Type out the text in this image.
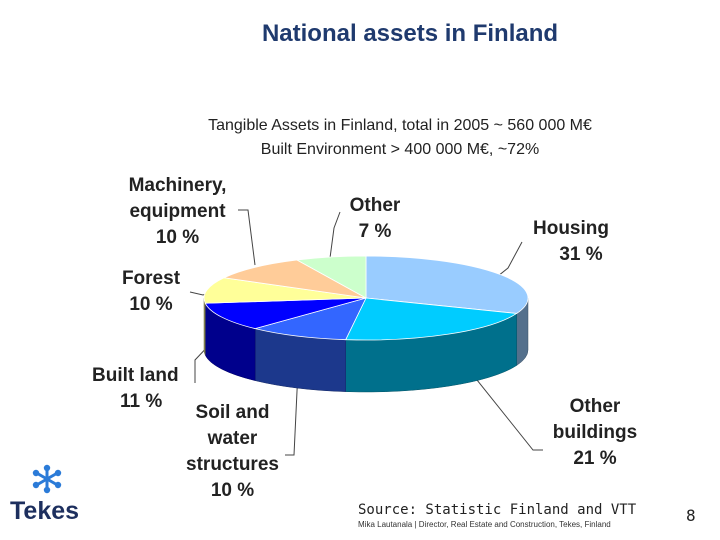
National assets in Finland
Tangible Assets in Finland, total in 2005 ~ 560 000 M€
Built Environment > 400 000 M€, ~72%
Housing
31 %
Other
buildings
21 %
Soil and
water
structures
10 %
Built land
11 %
Forest
10 %
Machinery,
equipment
10 %
Other
7 %
Tekes	Source: Statistic Finland and VTT
Mika Lautanala | Director, Real Estate and Construction, Tekes, Finland	8
